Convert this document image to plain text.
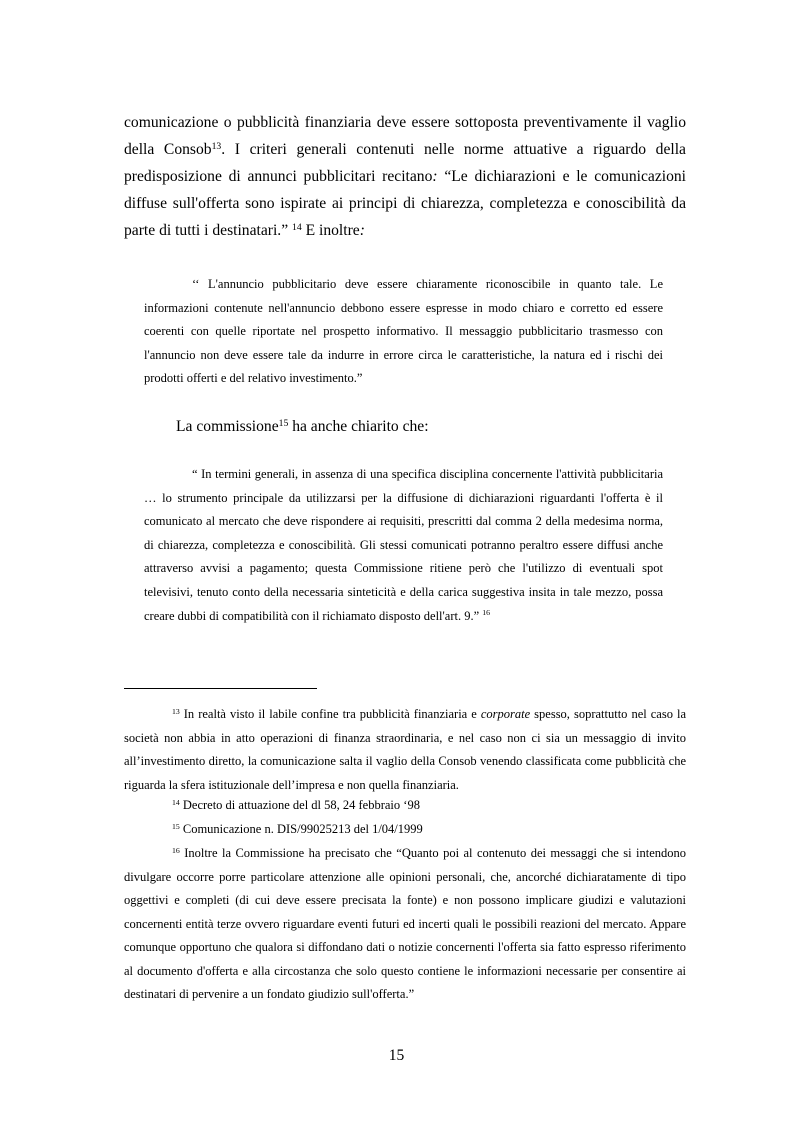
comunicazione o pubblicità finanziaria deve essere sottoposta preventivamente il vaglio della Consob$^{13}$. I criteri generali contenuti nelle norme attuative a riguardo della predisposizione di annunci pubblicitari recitano: “Le dichiarazioni e le comunicazioni diffuse sull'offerta sono ispirate ai principi di chiarezza, completezza e conoscibilità da parte di tutti i destinatari.” $^{14}$ E inoltre:

‘‘ L'annuncio pubblicitario deve essere chiaramente riconoscibile in quanto tale. Le informazioni contenute nell'annuncio debbono essere espresse in modo chiaro e corretto ed essere coerenti con quelle riportate nel prospetto informativo. Il messaggio pubblicitario trasmesso con l'annuncio non deve essere tale da indurre in errore circa le caratteristiche, la natura ed i rischi dei prodotti offerti e del relativo investimento.”

La commissione$^{15}$ ha anche chiarito che:

“ In termini generali, in assenza di una specifica disciplina concernente l'attività pubblicitaria … lo strumento principale da utilizzarsi per la diffusione di dichiarazioni riguardanti l'offerta è il comunicato al mercato che deve rispondere ai requisiti, prescritti dal comma 2 della medesima norma, di chiarezza, completezza e conoscibilità. Gli stessi comunicati potranno peraltro essere diffusi anche attraverso avvisi a pagamento; questa Commissione ritiene però che l'utilizzo di eventuali spot televisivi, tenuto conto della necessaria sinteticità e della carica suggestiva insita in tale mezzo, possa creare dubbi di compatibilità con il richiamato disposto dell'art. 9.” $^{16}$

$^{13}$ In realtà visto il labile confine tra pubblicità finanziaria e corporate spesso, soprattutto nel caso la società non abbia in atto operazioni di finanza straordinaria, e nel caso non ci sia un messaggio di invito all’investimento diretto, la comunicazione salta il vaglio della Consob venendo classificata come pubblicità che riguarda la sfera istituzionale dell’impresa e non quella finanziaria.

$^{14}$ Decreto di attuazione del dl 58, 24 febbraio ‘98

$^{15}$ Comunicazione n. DIS/99025213 del 1/04/1999

$^{16}$ Inoltre la Commissione ha precisato che “Quanto poi al contenuto dei messaggi che si intendono divulgare occorre porre particolare attenzione alle opinioni personali, che, ancorché dichiaratamente di tipo oggettivi e completi (di cui deve essere precisata la fonte) e non possono implicare giudizi e valutazioni concernenti entità terze ovvero riguardare eventi futuri ed incerti quali le possibili reazioni del mercato. Appare comunque opportuno che qualora si diffondano dati o notizie concernenti l'offerta sia fatto espresso riferimento al documento d'offerta e alla circostanza che solo questo contiene le informazioni necessarie per consentire ai destinatari di pervenire a un fondato giudizio sull'offerta.”

15
